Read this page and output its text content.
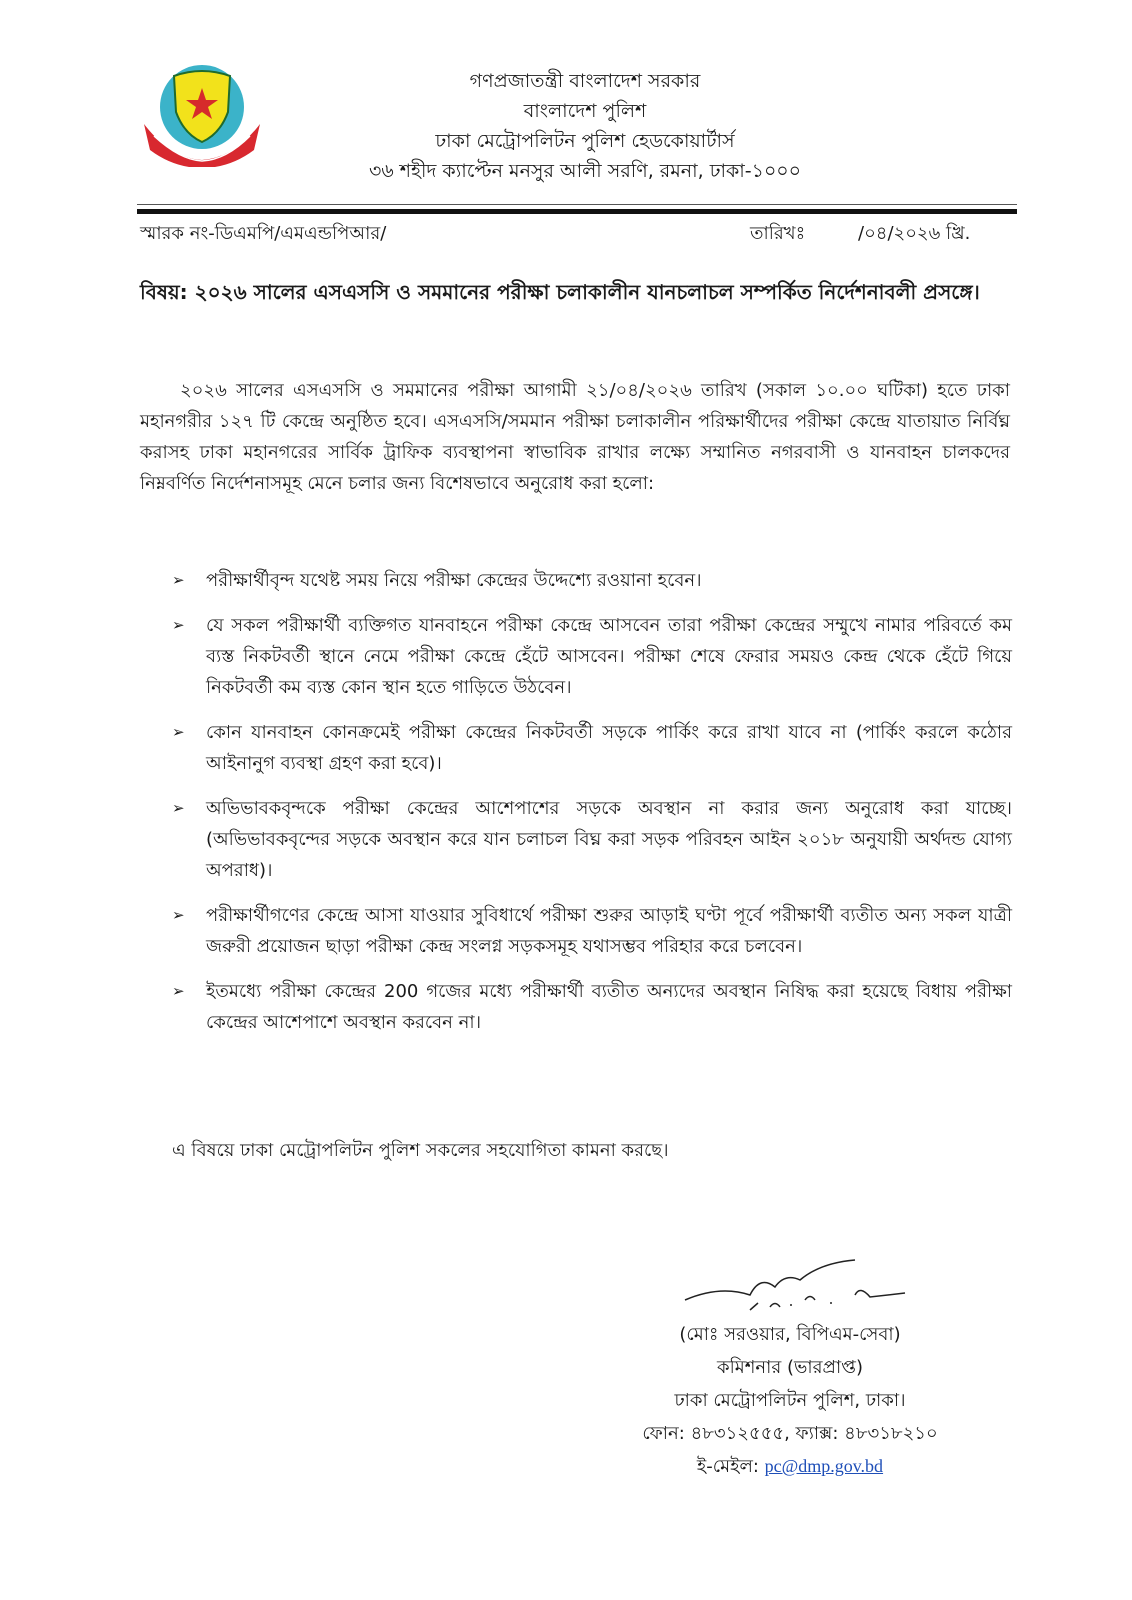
গণপ্রজাতন্ত্রী বাংলাদেশ সরকার
বাংলাদেশ পুলিশ
ঢাকা মেট্রোপলিটন পুলিশ হেডকোয়ার্টার্স
৩৬ শহীদ ক্যাপ্টেন মনসুর আলী সরণি, রমনা, ঢাকা-১০০০
স্মারক নং-ডিএমপি/এমএন্ডপিআর/	তারিখঃ	/০৪/২০২৬ খ্রি.
বিষয়: ২০২৬ সালের এসএসসি ও সমমানের পরীক্ষা চলাকালীন যানচলাচল সম্পর্কিত নির্দেশনাবলী প্রসঙ্গে।
২০২৬ সালের এসএসসি ও সমমানের পরীক্ষা আগামী ২১/০৪/২০২৬ তারিখ (সকাল ১০.০০ ঘটিকা) হতে ঢাকা মহানগরীর ১২৭ টি কেন্দ্রে অনুষ্ঠিত হবে। এসএসসি/সমমান পরীক্ষা চলাকালীন পরিক্ষার্থীদের পরীক্ষা কেন্দ্রে যাতায়াত নির্বিঘ্ন করাসহ ঢাকা মহানগরের সার্বিক ট্রাফিক ব্যবস্থাপনা স্বাভাবিক রাখার লক্ষ্যে সম্মানিত নগরবাসী ও যানবাহন চালকদের নিম্নবর্ণিত নির্দেশনাসমূহ মেনে চলার জন্য বিশেষভাবে অনুরোধ করা হলো:
➢ পরীক্ষার্থীবৃন্দ যথেষ্ট সময় নিয়ে পরীক্ষা কেন্দ্রের উদ্দেশ্যে রওয়ানা হবেন।
➢ যে সকল পরীক্ষার্থী ব্যক্তিগত যানবাহনে পরীক্ষা কেন্দ্রে আসবেন তারা পরীক্ষা কেন্দ্রের সম্মুখে নামার পরিবর্তে কম ব্যস্ত নিকটবর্তী স্থানে নেমে পরীক্ষা কেন্দ্রে হেঁটে আসবেন। পরীক্ষা শেষে ফেরার সময়ও কেন্দ্র থেকে হেঁটে গিয়ে নিকটবর্তী কম ব্যস্ত কোন স্থান হতে গাড়িতে উঠবেন।
➢ কোন যানবাহন কোনক্রমেই পরীক্ষা কেন্দ্রের নিকটবর্তী সড়কে পার্কিং করে রাখা যাবে না (পার্কিং করলে কঠোর আইনানুগ ব্যবস্থা গ্রহণ করা হবে)।
➢ অভিভাবকবৃন্দকে পরীক্ষা কেন্দ্রের আশেপাশের সড়কে অবস্থান না করার জন্য অনুরোধ করা যাচ্ছে। (অভিভাবকবৃন্দের সড়কে অবস্থান করে যান চলাচল বিঘ্ন করা সড়ক পরিবহন আইন ২০১৮ অনুযায়ী অর্থদন্ড যোগ্য অপরাধ)।
➢ পরীক্ষার্থীগণের কেন্দ্রে আসা যাওয়ার সুবিধার্থে পরীক্ষা শুরুর আড়াই ঘণ্টা পূর্বে পরীক্ষার্থী ব্যতীত অন্য সকল যাত্রী জরুরী প্রয়োজন ছাড়া পরীক্ষা কেন্দ্র সংলগ্ন সড়কসমূহ যথাসম্ভব পরিহার করে চলবেন।
➢ ইতমধ্যে পরীক্ষা কেন্দ্রের 200 গজের মধ্যে পরীক্ষার্থী ব্যতীত অন্যদের অবস্থান নিষিদ্ধ করা হয়েছে বিধায় পরীক্ষা কেন্দ্রের আশেপাশে অবস্থান করবেন না।
এ বিষয়ে ঢাকা মেট্রোপলিটন পুলিশ সকলের সহযোগিতা কামনা করছে।
(মোঃ সরওয়ার, বিপিএম-সেবা)
কমিশনার (ভারপ্রাপ্ত)
ঢাকা মেট্রোপলিটন পুলিশ, ঢাকা।
ফোন: ৪৮৩১২৫৫৫, ফ্যাক্স: ৪৮৩১৮২১০
ই-মেইল: pc@dmp.gov.bd
